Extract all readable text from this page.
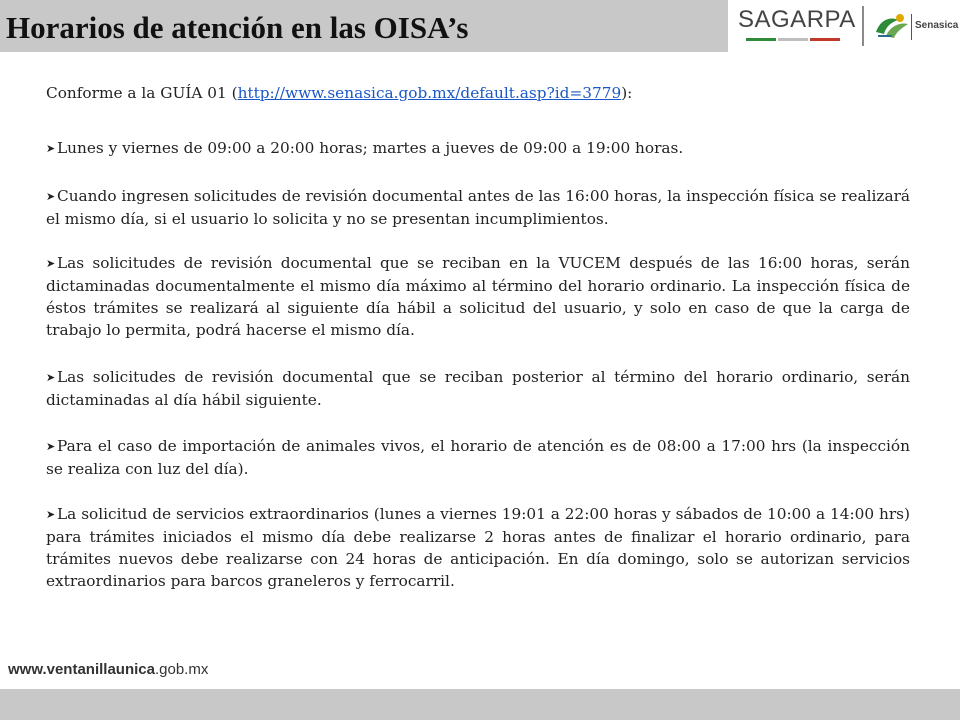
Horarios de atención en las OISA’s	SAGARPA	Senasica
Conforme a la GUÍA 01 (http://www.senasica.gob.mx/default.asp?id=3779):
➤ Lunes y viernes de 09:00 a 20:00 horas; martes a jueves de 09:00 a 19:00 horas.
➤ Cuando ingresen solicitudes de revisión documental antes de las 16:00 horas, la inspección física se realizará el mismo día, si el usuario lo solicita y no se presentan incumplimientos.
➤ Las solicitudes de revisión documental que se reciban en la VUCEM después de las 16:00 horas, serán dictaminadas documentalmente el mismo día máximo al término del horario ordinario. La inspección física de éstos trámites se realizará al siguiente día hábil a solicitud del usuario, y solo en caso de que la carga de trabajo lo permita, podrá hacerse el mismo día.
➤ Las solicitudes de revisión documental que se reciban posterior al término del horario ordinario, serán dictaminadas al día hábil siguiente.
➤ Para el caso de importación de animales vivos, el horario de atención es de 08:00 a 17:00 hrs (la inspección se realiza con luz del día).
➤ La solicitud de servicios extraordinarios (lunes a viernes 19:01 a 22:00 horas y sábados de 10:00 a 14:00 hrs) para trámites iniciados el mismo día debe realizarse 2 horas antes de finalizar el horario ordinario, para trámites nuevos debe realizarse con 24 horas de anticipación. En día domingo, solo se autorizan servicios extraordinarios para barcos graneleros y ferrocarril.
www.ventanillaunica.gob.mx
